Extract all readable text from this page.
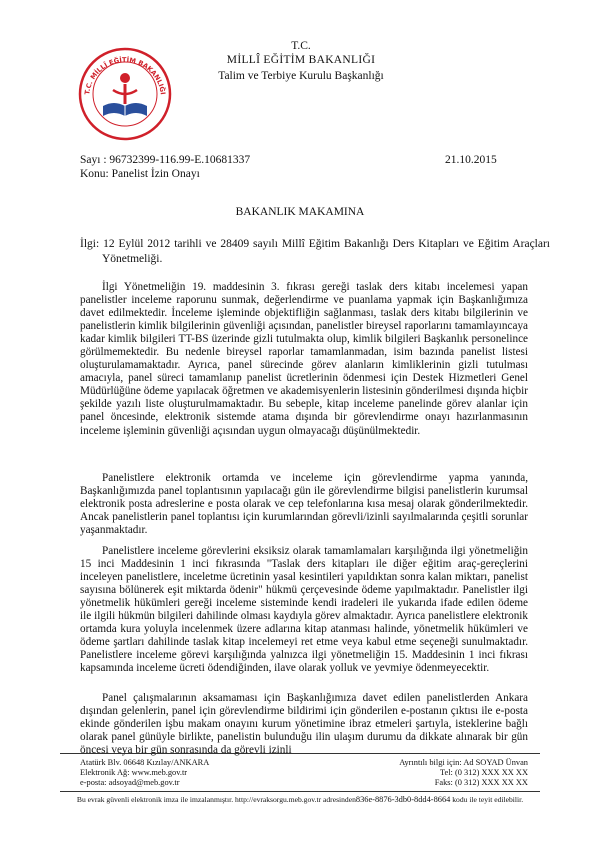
T.C. MİLLÎ EĞİTİM BAKANLIĞI
T.C.
MİLLÎ EĞİTİM BAKANLIĞI
Talim ve Terbiye Kurulu Başkanlığı
Sayı : 96732399-116.99-E.10681337	21.10.2015
Konu: Panelist İzin Onayı
BAKANLIK MAKAMINA

İlgi: 12 Eylül 2012 tarihli ve 28409 sayılı Millî Eğitim Bakanlığı Ders Kitapları ve Eğitim Araçları Yönetmeliği.

İlgi Yönetmeliğin 19. maddesinin 3. fıkrası gereği taslak ders kitabı incelemesi yapan panelistler inceleme raporunu sunmak, değerlendirme ve puanlama yapmak için Başkanlığımıza davet edilmektedir. İnceleme işleminde objektifliğin sağlanması, taslak ders kitabı bilgilerinin ve panelistlerin kimlik bilgilerinin güvenliği açısından, panelistler bireysel raporlarını tamamlayıncaya kadar kimlik bilgileri TT-BS üzerinde gizli tutulmakta olup, kimlik bilgileri Başkanlık personelince görülmemektedir. Bu nedenle bireysel raporlar tamamlanmadan, isim bazında panelist listesi oluşturulamamaktadır. Ayrıca, panel sürecinde görev alanların kimliklerinin gizli tutulması amacıyla, panel süreci tamamlanıp panelist ücretlerinin ödenmesi için Destek Hizmetleri Genel Müdürlüğüne ödeme yapılacak öğretmen ve akademisyenlerin listesinin gönderilmesi dışında hiçbir şekilde yazılı liste oluşturulmamaktadır. Bu sebeple, kitap inceleme panelinde görev alanlar için panel öncesinde, elektronik sistemde atama dışında bir görevlendirme onayı hazırlanmasının inceleme işleminin güvenliği açısından uygun olmayacağı düşünülmektedir.

Panelistlere elektronik ortamda ve inceleme için görevlendirme yapma yanında, Başkanlığımızda panel toplantısının yapılacağı gün ile görevlendirme bilgisi panelistlerin kurumsal elektronik posta adreslerine e posta olarak ve cep telefonlarına kısa mesaj olarak gönderilmektedir. Ancak panelistlerin panel toplantısı için kurumlarından görevli/izinli sayılmalarında çeşitli sorunlar yaşanmaktadır.

Panelistlere inceleme görevlerini eksiksiz olarak tamamlamaları karşılığında ilgi yönetmeliğin 15 inci Maddesinin 1 inci fıkrasında "Taslak ders kitapları ile diğer eğitim araç-gereçlerini inceleyen panelistlere, inceletme ücretinin yasal kesintileri yapıldıktan sonra kalan miktarı, panelist sayısına bölünerek eşit miktarda ödenir" hükmü çerçevesinde ödeme yapılmaktadır. Panelistler ilgi yönetmelik hükümleri gereği inceleme sisteminde kendi iradeleri ile yukarıda ifade edilen ödeme ile ilgili hükmün bilgileri dahilinde olması kaydıyla görev almaktadır. Ayrıca panelistlere elektronik ortamda kura yoluyla incelenmek üzere adlarına kitap atanması halinde, yönetmelik hükümleri ve ödeme şartları dahilinde taslak kitap incelemeyi ret etme veya kabul etme seçeneği sunulmaktadır. Panelistlere inceleme görevi karşılığında yalnızca ilgi yönetmeliğin 15. Maddesinin 1 inci fıkrası kapsamında inceleme ücreti ödendiğinden, ilave olarak yolluk ve yevmiye ödenmeyecektir.

Panel çalışmalarının aksamaması için Başkanlığımıza davet edilen panelistlerden Ankara dışından gelenlerin, panel için görevlendirme bildirimi için gönderilen e-postanın çıktısı ile e-posta ekinde gönderilen işbu makam onayını kurum yönetimine ibraz etmeleri şartıyla, isteklerine bağlı olarak panel günüyle birlikte, panelistin bulunduğu ilin ulaşım durumu da dikkate alınarak bir gün öncesi veya bir gün sonrasında da görevli izinli

Atatürk Blv. 06648 Kızılay/ANKARA
Elektronik Ağ: www.meb.gov.tr
e-posta: adsoyad@meb.gov.tr
Ayrıntılı bilgi için: Ad SOYAD Ünvan
Tel: (0 312) XXX XX XX
Faks: (0 312) XXX XX XX
Bu evrak güvenli elektronik imza ile imzalanmıştır. http://evraksorgu.meb.gov.tr adresinden836e-8876-3db0-8dd4-8664 kodu ile teyit edilebilir.
